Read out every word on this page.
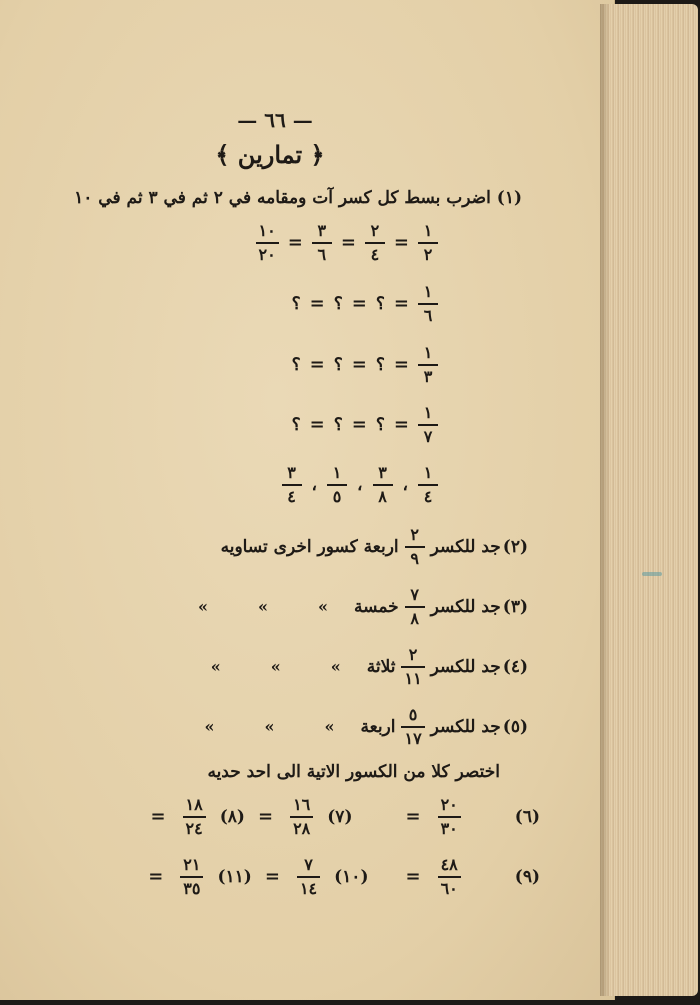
— ٦٦ —
﴿ تمارين ﴾
(١) اضرب بسط كل كسر آت ومقامه في ٢ ثم في ٣ ثم في ١٠
$\frac{١}{٢}$
=
$\frac{٢}{٤}$
=
$\frac{٣}{٦}$
=
$\frac{١٠}{٢٠}$
$\frac{١}{٦}$
=
؟
=
؟
=
؟
$\frac{١}{٣}$
=
؟
=
؟
=
؟
$\frac{١}{٧}$
=
؟
=
؟
=
؟
$\frac{١}{٤}$
،
$\frac{٣}{٨}$
،
$\frac{١}{٥}$
،
$\frac{٣}{٤}$
(٢)
جد للكسر
$\frac{٢}{٩}$
اربعة كسور اخرى تساويه
(٣)
جد للكسر
$\frac{٧}{٨}$
خمسة
»
»
»
(٤)
جد للكسر
$\frac{٢}{١١}$
ثلاثة
»
»
»
(٥)
جد للكسر
$\frac{٥}{١٧}$
اربعة
»
»
»
اختصر كلا من الكسور الاتية الى احد حديه
(٦)
$\frac{٢٠}{٣٠}$
=
(٧)
$\frac{١٦}{٢٨}$
=
(٨)
$\frac{١٨}{٢٤}$
=
(٩)
$\frac{٤٨}{٦٠}$
=
(١٠)
$\frac{٧}{١٤}$
=
(١١)
$\frac{٢١}{٣٥}$
=
